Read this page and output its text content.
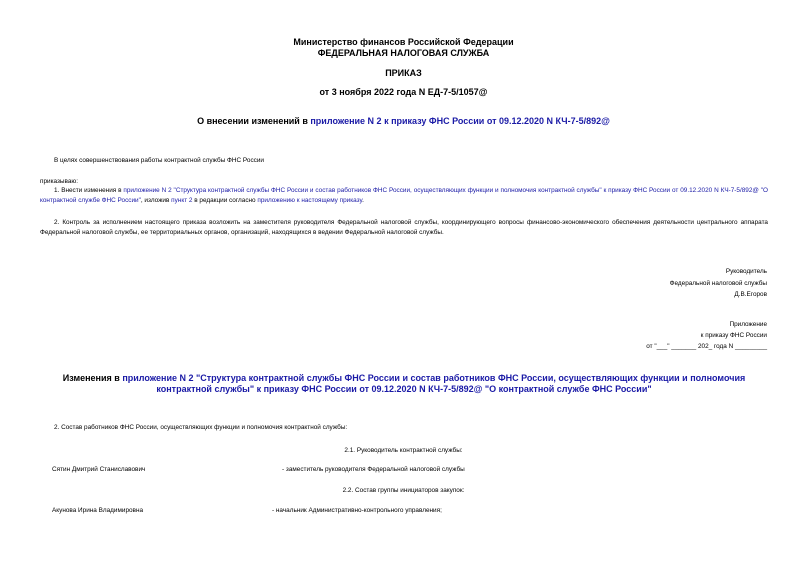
Министерство финансов Российской Федерации
ФЕДЕРАЛЬНАЯ НАЛОГОВАЯ СЛУЖБА
ПРИКАЗ
от 3 ноября 2022 года N ЕД-7-5/1057@
О внесении изменений в приложение N 2 к приказу ФНС России от 09.12.2020 N КЧ-7-5/892@
В целях совершенствования работы контрактной службы ФНС России
приказываю:
1. Внести изменения в приложение N 2 "Структура контрактной службы ФНС России и состав работников ФНС России, осуществляющих функции и полномочия контрактной службы" к приказу ФНС России от 09.12.2020 N КЧ-7-5/892@ "О контрактной службе ФНС России", изложив пункт 2 в редакции согласно приложению к настоящему приказу.
2. Контроль за исполнением настоящего приказа возложить на заместителя руководителя Федеральной налоговой службы, координирующего вопросы финансово-экономического обеспечения деятельности центрального аппарата Федеральной налоговой службы, ее территориальных органов, организаций, находящихся в ведении Федеральной налоговой службы.
Руководитель
Федеральной налоговой службы
Д.В.Егоров
Приложение
к приказу ФНС России
от "___" _______ 202_ года N _________
Изменения в приложение N 2 "Структура контрактной службы ФНС России и состав работников ФНС России, осуществляющих функции и полномочия контрактной службы" к приказу ФНС России от 09.12.2020 N КЧ-7-5/892@ "О контрактной службе ФНС России"
2. Состав работников ФНС России, осуществляющих функции и полномочия контрактной службы:
2.1. Руководитель контрактной службы:
Сятин Дмитрий Станиславович	- заместитель руководителя Федеральной налоговой службы
2.2. Состав группы инициаторов закупок:
Акунова Ирина Владимировна	- начальник Административно-контрольного управления;
